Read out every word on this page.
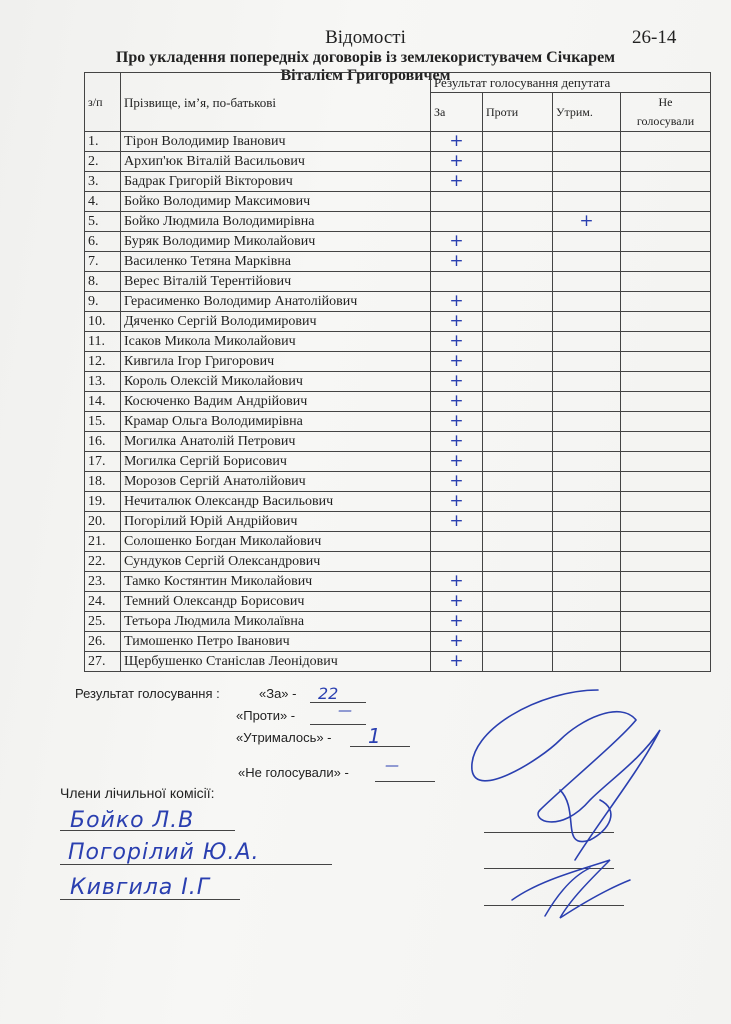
Відомості	26-14
Про укладення попередніх договорів із землекористувачем Січкарем
Віталієм Григоровичем
з/п	Прізвище, ім’я, по-батькові	Результат голосування депутата			
		За	Проти	Утрим.	Не
голосували
1.	Тірон Володимир Іванович	+			
2.	Архип'юк Віталій Васильович	+			
3.	Бадрак Григорій Вікторович	+			
4.	Бойко Володимир Максимович				
5.	Бойко Людмила Володимирівна			+	
6.	Буряк Володимир Миколайович	+			
7.	Василенко Тетяна Марківна	+			
8.	Верес Віталій Терентійович				
9.	Герасименко Володимир Анатолійович	+			
10.	Дяченко Сергій Володимирович	+			
11.	Ісаков Микола Миколайович	+			
12.	Кивгила Ігор Григорович	+			
13.	Король Олексій Миколайович	+			
14.	Косюченко Вадим Андрійович	+			
15.	Крамар Ольга Володимирівна	+			
16.	Могилка Анатолій Петрович	+			
17.	Могилка Сергій Борисович	+			
18.	Морозов Сергій Анатолійович	+			
19.	Нечиталюк Олександр Васильович	+			
20.	Погорілий Юрій Андрійович	+			
21.	Солошенко Богдан Миколайович				
22.	Сундуков Сергій Олександрович				
23.	Тамко Костянтин Миколайович	+			
24.	Темний Олександр Борисович	+			
25.	Тетьора Людмила Миколаївна	+			
26.	Тимошенко Петро Іванович	+			
27.	Щербушенко Станіслав Леонідович	+			
Результат голосування :	«За» - 22
«Проти» -	—
«Утрималось» - 1
«Не голосували» -	—
Члени лічильної комісії:
Бойко Л.В
Погорілий Ю.А.
Кивгила І.Г
